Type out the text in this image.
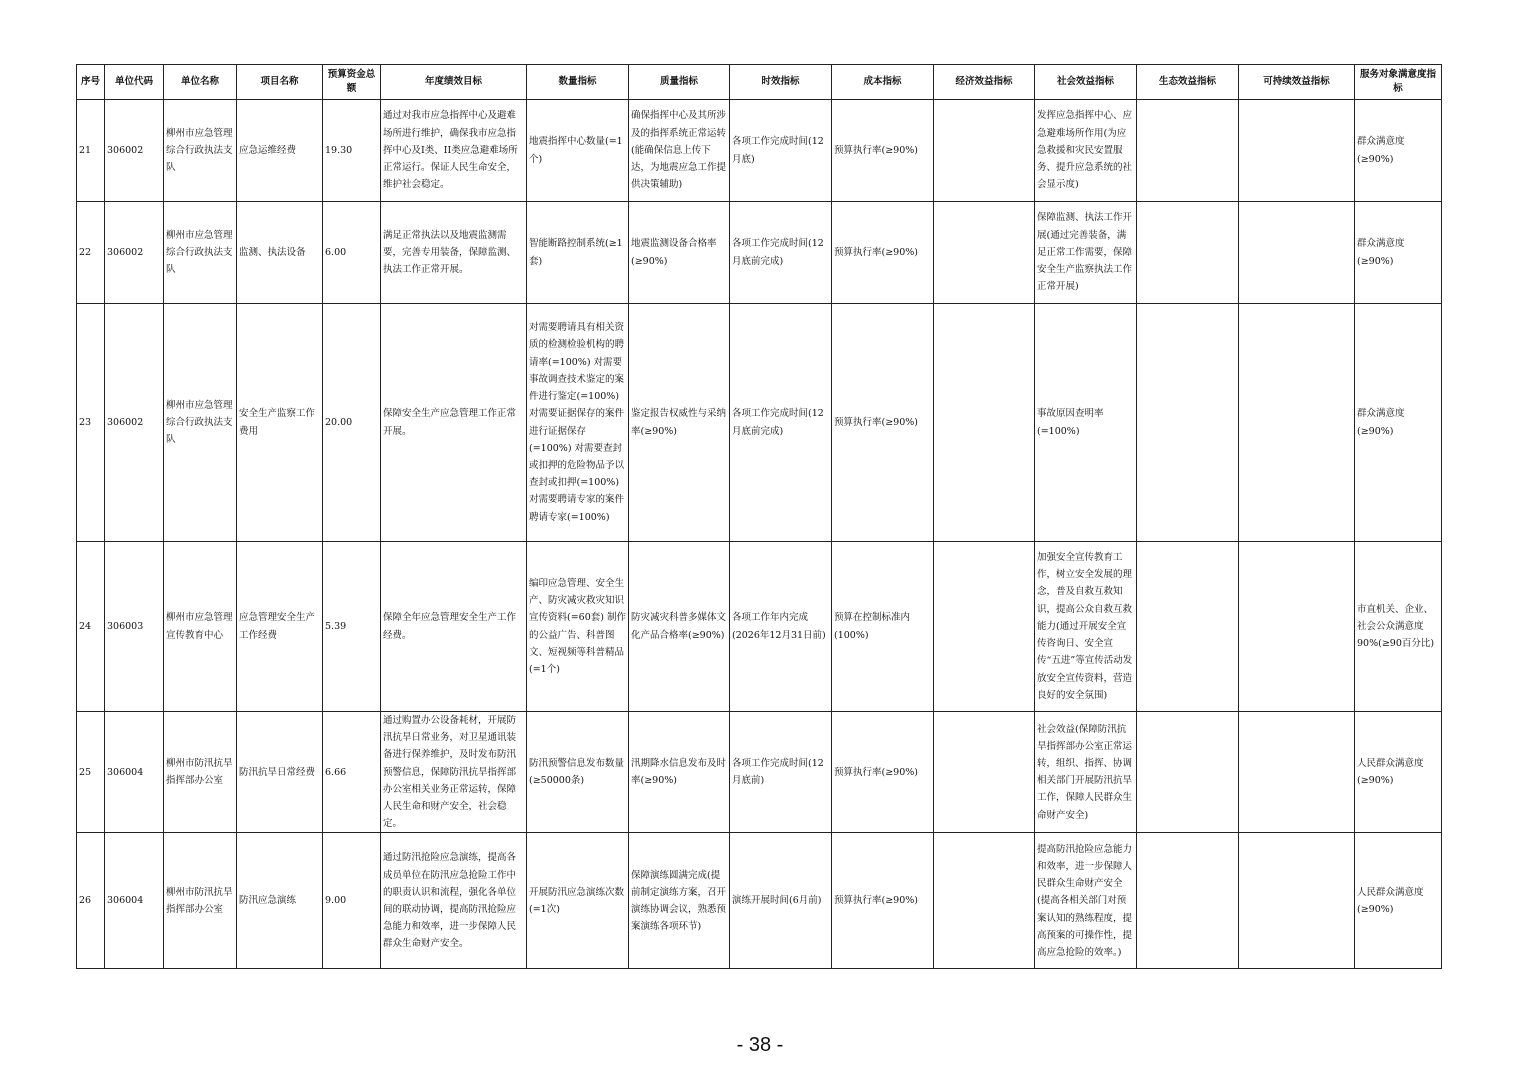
序号	单位代码	单位名称	项目名称	预算资金总额	年度绩效目标	数量指标	质量指标	时效指标	成本指标	经济效益指标	社会效益指标	生态效益指标	可持续效益指标	服务对象满意度指标
21	306002	柳州市应急管理综合行政执法支队	应急运维经费	19.30	通过对我市应急指挥中心及避难场所进行维护，确保我市应急指挥中心及I类、II类应急避难场所正常运行。保证人民生命安全，维护社会稳定。	地震指挥中心数量(=1个)	确保指挥中心及其所涉及的指挥系统正常运转(能确保信息上传下达，为地震应急工作提供决策辅助)	各项工作完成时间(12月底)	预算执行率(≥90%)		发挥应急指挥中心、应急避难场所作用(为应急救援和灾民安置服务、提升应急系统的社会显示度)			群众满意度(≥90%)
22	306002	柳州市应急管理综合行政执法支队	监测、执法设备	6.00	满足正常执法以及地震监测需要，完善专用装备，保障监测、执法工作正常开展。	智能断路控制系统(≥1套)	地震监测设备合格率(≥90%)	各项工作完成时间(12月底前完成)	预算执行率(≥90%)		保障监测、执法工作开展(通过完善装备，满足正常工作需要，保障安全生产监察执法工作正常开展)			群众满意度(≥90%)
23	306002	柳州市应急管理综合行政执法支队	安全生产监察工作费用	20.00	保障安全生产应急管理工作正常开展。	对需要聘请具有相关资质的检测检验机构的聘请率(=100%) 对需要事故调查技术鉴定的案件进行鉴定(=100%) 对需要证据保存的案件进行证据保存(=100%) 对需要查封或扣押的危险物品予以查封或扣押(=100%) 对需要聘请专家的案件聘请专家(=100%)	鉴定报告权威性与采纳率(≥90%)	各项工作完成时间(12月底前完成)	预算执行率(≥90%)		事故原因查明率(=100%)			群众满意度(≥90%)
24	306003	柳州市应急管理宣传教育中心	应急管理安全生产工作经费	5.39	保障全年应急管理安全生产工作经费。	编印应急管理、安全生产、防灾减灾救灾知识宣传资料(=60套) 制作的公益广告、科普图文、短视频等科普精品(=1个)	防灾减灾科普多媒体文化产品合格率(≥90%)	各项工作年内完成(2026年12月31日前)	预算在控制标准内(100%)		加强安全宣传教育工作，树立安全发展的理念，普及自救互救知识，提高公众自救互救能力(通过开展安全宣传咨询日、安全宣传“五进”等宣传活动发放安全宣传资料，营造良好的安全氛围)			市直机关、企业、社会公众满意度90%(≥90百分比)
25	306004	柳州市防汛抗旱指挥部办公室	防汛抗旱日常经费	6.66	通过购置办公设备耗材，开展防汛抗旱日常业务，对卫星通讯装备进行保养维护，及时发布防汛预警信息，保障防汛抗旱指挥部办公室相关业务正常运转，保障人民生命和财产安全，社会稳定。	防汛预警信息发布数量(≥50000条)	汛期降水信息发布及时率(≥90%)	各项工作完成时间(12月底前)	预算执行率(≥90%)		社会效益(保障防汛抗旱指挥部办公室正常运转，组织、指挥、协调相关部门开展防汛抗旱工作，保障人民群众生命财产安全)			人民群众满意度(≥90%)
26	306004	柳州市防汛抗旱指挥部办公室	防汛应急演练	9.00	通过防汛抢险应急演练，提高各成员单位在防汛应急抢险工作中的职责认识和流程，强化各单位间的联动协调，提高防汛抢险应急能力和效率，进一步保障人民群众生命财产安全。	开展防汛应急演练次数(=1次)	保障演练圆满完成(提前制定演练方案，召开演练协调会议，熟悉预案演练各项环节)	演练开展时间(6月前)	预算执行率(≥90%)		提高防汛抢险应急能力和效率，进一步保障人民群众生命财产安全(提高各相关部门对预案认知的熟练程度，提高预案的可操作性，提高应急抢险的效率。)			人民群众满意度(≥90%)
- 38 -
